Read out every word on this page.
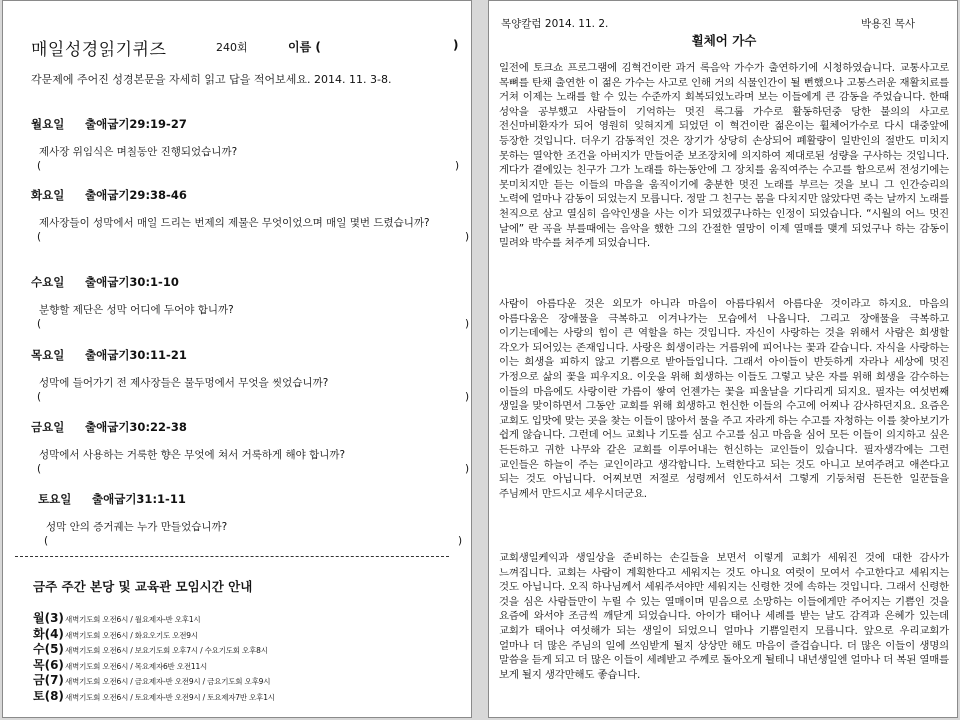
매일성경읽기퀴즈	240회	이름 (	)
각문제에 주어진 성경본문을 자세히 읽고 답을 적어보세요. 2014. 11. 3-8.
월요일 출애굽기29:19-27
제사장 위임식은 며칠동안 진행되었습니까?
(	)
화요일 출애굽기29:38-46
제사장들이 성막에서 매일 드리는 번제의 제물은 무엇이었으며 매일 몇번 드렸습니까?
(	)
수요일 출애굽기30:1-10
분향할 제단은 성막 어디에 두어야 합니까?
(	)
목요일 출애굽기30:11-21
성막에 들어가기 전 제사장들은 물두멍에서 무엇을 씻었습니까?
(	)
금요일 출애굽기30:22-38
성막에서 사용하는 거룩한 향은 무엇에 쳐서 거룩하게 해야 합니까?
(	)
토요일 출애굽기31:1-11
성막 안의 증거궤는 누가 만들었습니까?
(	)
금주 주간 본당 및 교육관 모임시간 안내
월(3)새벽기도회 오전6시 / 월요제자-반 오후1시
화(4)새벽기도회 오전6시 / 화요오기도 오전9시
수(5)새벽기도회 오전6시 / 보요기도회 오후7시 / 수요기도회 오후8시
목(6)새벽기도회 오전6시 / 목요제자6반 오전11시
금(7)새벽기도회 오전6시 / 금요제자-반 오전9시 / 금요기도회 오후9시
토(8)새벽기도회 오전6시 / 토요제자-반 오전9시 / 토요제자7반 오후1시
목양칼럼 2014. 11. 2.	박용진 목사
휠체어 가수
일전에 토크쇼 프로그램에 김혁건이란 과거 록음악 가수가 출연하기에 시청하였습니다. 교통사고로 목뼈를 탄채 출연한 이 젊은 가수는 사고로 인해 거의 식물인간이 될 뻔했으나 고통스러운 재활치료를 거쳐 이제는 노래를 할 수 있는 수준까지 회복되었노라며 보는 이들에게 큰 감동을 주었습니다. 한때 성악을 공부했고 사람들이 기억하는 멋진 록그룹 가수로 활동하던중 당한 불의의 사고로 전신마비환자가 되어 영원히 잊혀지게 되었던 이 혁건이란 젊은이는 휠체어가수로 다시 대중앞에 등장한 것입니다. 더우기 감동적인 것은 장기가 상당히 손상되어 폐활량이 일반인의 절반도 미치지 못하는 열악한 조건을 아버지가 만들어준 보조장치에 의지하여 제대로된 성량을 구사하는 것입니다. 게다가 곁에있는 친구가 그가 노래를 하는동안에 그 장치를 움직여주는 수고를 함으로써 전성기에는 못미치지만 듣는 이들의 마음을 움직이기에 충분한 멋진 노래를 부르는 것을 보니 그 인간승리의 노력에 얼마나 감동이 되었는지 모릅니다. 정말 그 친구는 몸을 다치지만 않았다면 죽는 날까지 노래를 천직으로 삼고 열심히 음악인생을 사는 이가 되었겠구나하는 인정이 되었습니다. “시월의 어느 멋진 날에” 란 곡을 부를때에는 음악을 했한 그의 간절한 열망이 이제 열매를 맺게 되었구나 하는 감동이 밀려와 박수를 쳐주게 되었습니다.
사람이 아름다운 것은 외모가 아니라 마음이 아름다워서 아름다운 것이라고 하지요. 마음의 아름다움은 장애물을 극복하고 이겨나가는 모습에서 나옵니다. 그리고 장애물을 극복하고 이기는데에는 사랑의 힘이 큰 역할을 하는 것입니다. 자신이 사랑하는 것을 위해서 사람은 희생할 각오가 되어있는 존재입니다. 사랑은 희생이라는 거름위에 피어나는 꽃과 같습니다. 자식을 사랑하는 이는 희생을 피하지 않고 기쁨으로 받아들입니다. 그래서 아이들이 반듯하게 자라나 세상에 멋진 가정으로 삶의 꽃을 피우지요. 이웃을 위해 희생하는 이들도 그렇고 낮은 자를 위해 희생을 감수하는 이들의 마음에도 사랑이란 가름이 쌓여 언젠가는 꽃을 피울날을 기다리게 되지요. 필자는 여섯번째 생일을 맞이하면서 그동안 교회를 위해 희생하고 헌신한 이들의 수고에 어찌나 감사하던지요. 요즘은 교회도 입맛에 맞는 곳을 찾는 이들이 많아서 물을 주고 자라게 하는 수고를 자청하는 이를 찾아보기가 쉽게 않습니다. 그런데 어느 교회나 기도를 심고 수고를 심고 마음을 심어 모든 이들이 의지하고 싶은 든든하고 귀한 나무와 같은 교회를 이루어내는 헌신하는 교인들이 있습니다. 필자생각에는 그런 교인들은 하늘이 주는 교인이라고 생각합니다. 노력한다고 되는 것도 아니고 보여주려고 애쓴다고 되는 것도 아닙니다. 어찌보면 저절로 성령께서 인도하셔서 그렇게 기둥처럼 든든한 일꾼들을 주님께서 만드시고 세우시더군요.
교회생일케익과 생일상을 준비하는 손길들을 보면서 이렇게 교회가 세워진 것에 대한 감사가 느껴집니다. 교회는 사람이 계획한다고 세워지는 것도 아니요 여럿이 모여서 수고한다고 세워지는 것도 아닙니다. 오직 하나님께서 세워주셔야만 세워지는 신령한 것에 속하는 것입니다. 그래서 신령한 것을 심은 사람들만이 누릴 수 있는 열매이며 믿음으로 소망하는 이들에게만 주어지는 기쁨인 것을 요즘에 와서야 조금씩 깨닫게 되었습니다. 아이가 태어나 세례를 받는 날도 감격과 은혜가 있는데 교회가 태어나 여섯해가 되는 생일이 되었으니 얼마나 기쁨일런지 모릅니다. 앞으로 우리교회가 얼마나 더 많은 주님의 일에 쓰임받게 될지 상상만 해도 마음이 즐겁습니다. 더 많은 이들이 생명의 말씀을 듣게 되고 더 많은 이들이 세례받고 주께로 돌아오게 될테니 내년생일엔 얼마나 더 복된 열매를 보게 될지 생각만해도 좋습니다.
